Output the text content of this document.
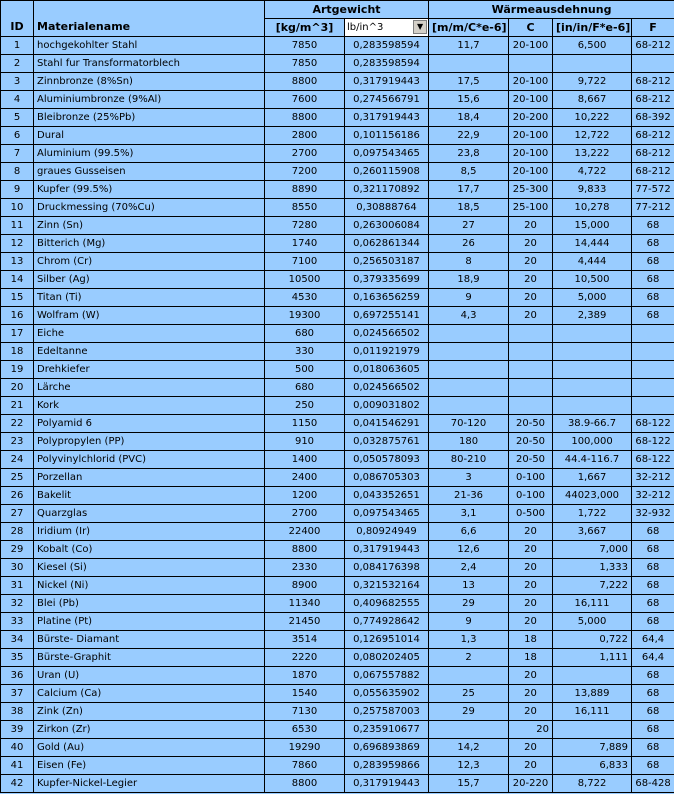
		Artgewicht		Wärmeausdehnung			
ID	Materialename	[kg/m^3]	lb/in^3 ▼	[m/m/C*e-6]	C	[in/in/F*e-6]	F
1	hochgekohlter Stahl	7850	0,283598594	11,7	20-100	6,500	68-212
2	Stahl fur Transformatorblech	7850	0,283598594				
3	Zinnbronze (8%Sn)	8800	0,317919443	17,5	20-100	9,722	68-212
4	Aluminiumbronze (9%Al)	7600	0,274566791	15,6	20-100	8,667	68-212
5	Bleibronze (25%Pb)	8800	0,317919443	18,4	20-200	10,222	68-392
6	Dural	2800	0,101156186	22,9	20-100	12,722	68-212
7	Aluminium (99.5%)	2700	0,097543465	23,8	20-100	13,222	68-212
8	graues Gusseisen	7200	0,260115908	8,5	20-100	4,722	68-212
9	Kupfer (99.5%)	8890	0,321170892	17,7	25-300	9,833	77-572
10	Druckmessing (70%Cu)	8550	0,30888764	18,5	25-100	10,278	77-212
11	Zinn (Sn)	7280	0,263006084	27	20	15,000	68
12	Bitterich (Mg)	1740	0,062861344	26	20	14,444	68
13	Chrom (Cr)	7100	0,256503187	8	20	4,444	68
14	Silber (Ag)	10500	0,379335699	18,9	20	10,500	68
15	Titan (Ti)	4530	0,163656259	9	20	5,000	68
16	Wolfram (W)	19300	0,697255141	4,3	20	2,389	68
17	Eiche	680	0,024566502				
18	Edeltanne	330	0,011921979				
19	Drehkiefer	500	0,018063605				
20	Lärche	680	0,024566502				
21	Kork	250	0,009031802				
22	Polyamid 6	1150	0,041546291	70-120	20-50	38.9-66.7	68-122
23	Polypropylen (PP)	910	0,032875761	180	20-50	100,000	68-122
24	Polyvinylchlorid (PVC)	1400	0,050578093	80-210	20-50	44.4-116.7	68-122
25	Porzellan	2400	0,086705303	3	0-100	1,667	32-212
26	Bakelit	1200	0,043352651	21-36	0-100	44023,000	32-212
27	Quarzglas	2700	0,097543465	3,1	0-500	1,722	32-932
28	Iridium (Ir)	22400	0,80924949	6,6	20	3,667	68
29	Kobalt (Co)	8800	0,317919443	12,6	20	7,000	68
30	Kiesel (Si)	2330	0,084176398	2,4	20	1,333	68
31	Nickel (Ni)	8900	0,321532164	13	20	7,222	68
32	Blei (Pb)	11340	0,409682555	29	20	16,111	68
33	Platine (Pt)	21450	0,774928642	9	20	5,000	68
34	Bürste- Diamant	3514	0,126951014	1,3	18	0,722	64,4
35	Bürste-Graphit	2220	0,080202405	2	18	1,111	64,4
36	Uran (U)	1870	0,067557882		20		68
37	Calcium (Ca)	1540	0,055635902	25	20	13,889	68
38	Zink (Zn)	7130	0,257587003	29	20	16,111	68
39	Zirkon (Zr)	6530	0,235910677		20		68
40	Gold (Au)	19290	0,696893869	14,2	20	7,889	68
41	Eisen (Fe)	7860	0,283959866	12,3	20	6,833	68
42	Kupfer-Nickel-Legier	8800	0,317919443	15,7	20-220	8,722	68-428
